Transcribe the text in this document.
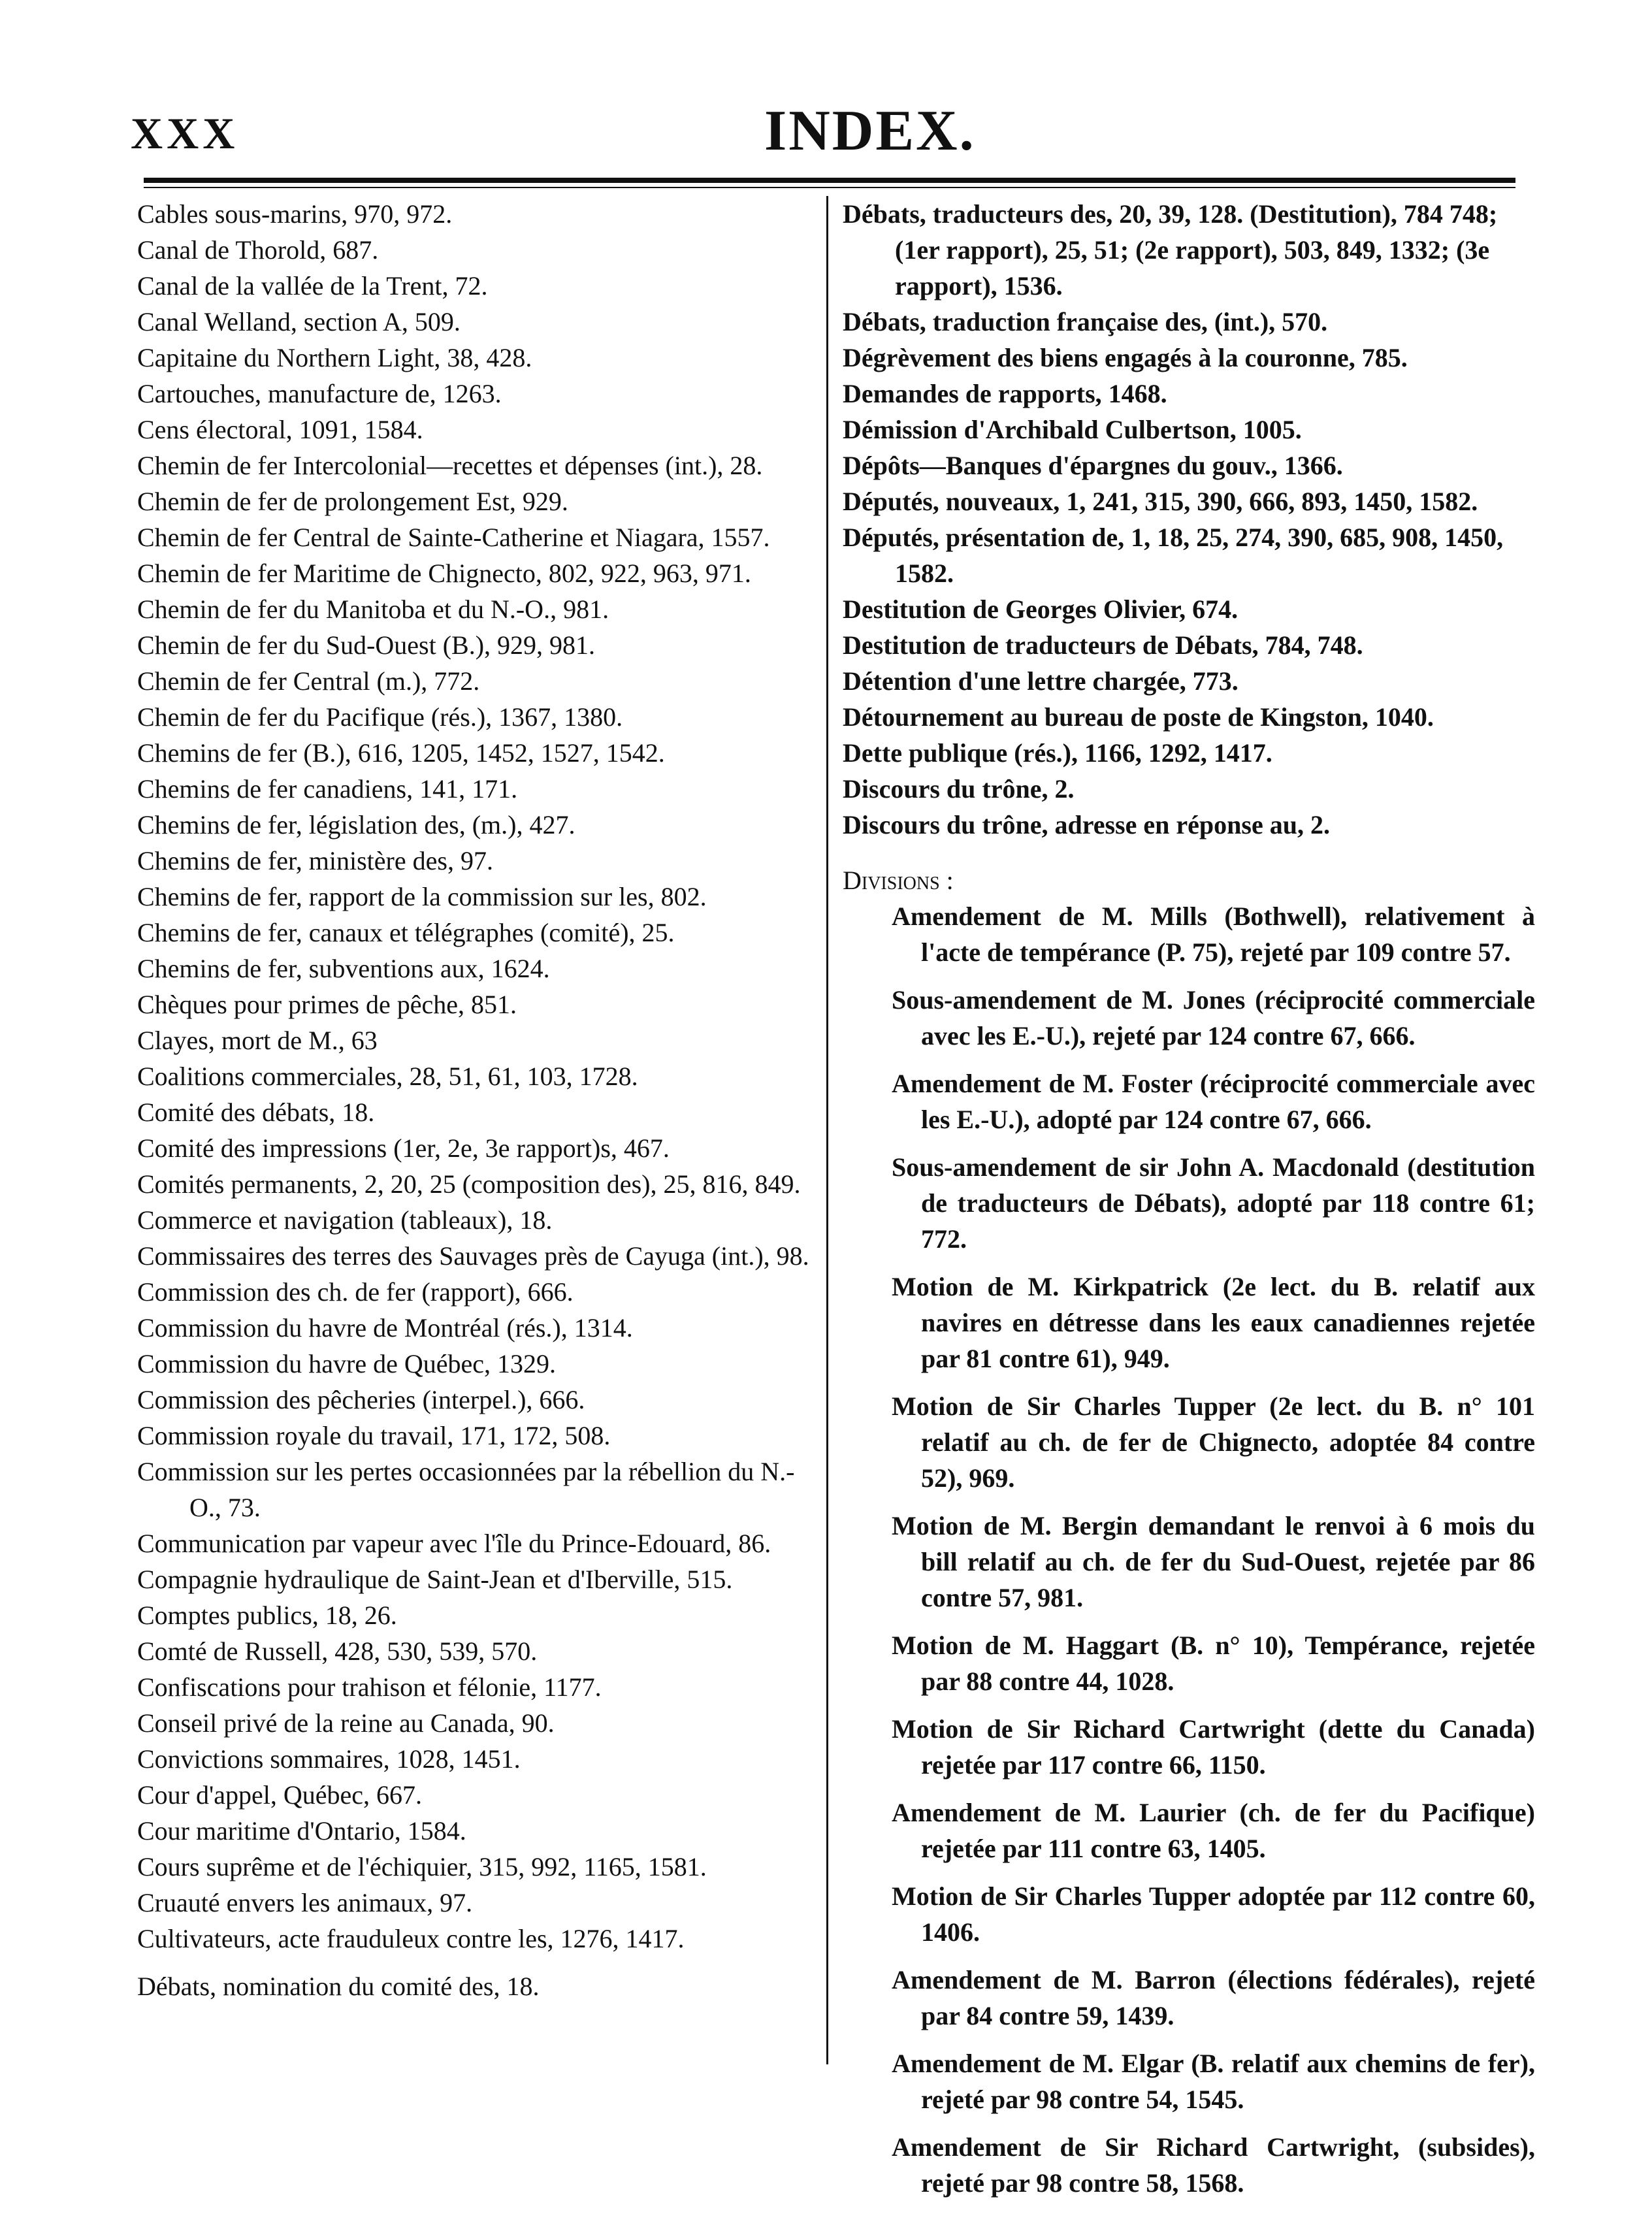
XXX	INDEX.
Cables sous-marins, 970, 972.
Canal de Thorold, 687.
Canal de la vallée de la Trent, 72.
Canal Welland, section A, 509.
Capitaine du Northern Light, 38, 428.
Cartouches, manufacture de, 1263.
Cens électoral, 1091, 1584.
Chemin de fer Intercolonial—recettes et dépenses (int.), 28.
Chemin de fer de prolongement Est, 929.
Chemin de fer Central de Sainte-Catherine et Niagara, 1557.
Chemin de fer Maritime de Chignecto, 802, 922, 963, 971.
Chemin de fer du Manitoba et du N.-O., 981.
Chemin de fer du Sud-Ouest (B.), 929, 981.
Chemin de fer Central (m.), 772.
Chemin de fer du Pacifique (rés.), 1367, 1380.
Chemins de fer (B.), 616, 1205, 1452, 1527, 1542.
Chemins de fer canadiens, 141, 171.
Chemins de fer, législation des, (m.), 427.
Chemins de fer, ministère des, 97.
Chemins de fer, rapport de la commission sur les, 802.
Chemins de fer, canaux et télégraphes (comité), 25.
Chemins de fer, subventions aux, 1624.
Chèques pour primes de pêche, 851.
Clayes, mort de M., 63
Coalitions commerciales, 28, 51, 61, 103, 1728.
Comité des débats, 18.
Comité des impressions (1er, 2e, 3e rapport)s, 467.
Comités permanents, 2, 20, 25 (composition des), 25, 816, 849.
Commerce et navigation (tableaux), 18.
Commissaires des terres des Sauvages près de Cayuga (int.), 98.
Commission des ch. de fer (rapport), 666.
Commission du havre de Montréal (rés.), 1314.
Commission du havre de Québec, 1329.
Commission des pêcheries (interpel.), 666.
Commission royale du travail, 171, 172, 508.
Commission sur les pertes occasionnées par la rébellion du N.-O., 73.
Communication par vapeur avec l'île du Prince-Edouard, 86.
Compagnie hydraulique de Saint-Jean et d'Iberville, 515.
Comptes publics, 18, 26.
Comté de Russell, 428, 530, 539, 570.
Confiscations pour trahison et félonie, 1177.
Conseil privé de la reine au Canada, 90.
Convictions sommaires, 1028, 1451.
Cour d'appel, Québec, 667.
Cour maritime d'Ontario, 1584.
Cours suprême et de l'échiquier, 315, 992, 1165, 1581.
Cruauté envers les animaux, 97.
Cultivateurs, acte frauduleux contre les, 1276, 1417.
Débats, nomination du comité des, 18.
Débats, traducteurs des, 20, 39, 128. (Destitution), 784 748; (1er rapport), 25, 51; (2e rapport), 503, 849, 1332; (3e rapport), 1536.
Débats, traduction française des, (int.), 570.
Dégrèvement des biens engagés à la couronne, 785.
Demandes de rapports, 1468.
Démission d'Archibald Culbertson, 1005.
Dépôts—Banques d'épargnes du gouv., 1366.
Députés, nouveaux, 1, 241, 315, 390, 666, 893, 1450, 1582.
Députés, présentation de, 1, 18, 25, 274, 390, 685, 908, 1450, 1582.
Destitution de Georges Olivier, 674.
Destitution de traducteurs de Débats, 784, 748.
Détention d'une lettre chargée, 773.
Détournement au bureau de poste de Kingston, 1040.
Dette publique (rés.), 1166, 1292, 1417.
Discours du trône, 2.
Discours du trône, adresse en réponse au, 2.
Divisions :
Amendement de M. Mills (Bothwell), relativement à l'acte de tempérance (P. 75), rejeté par 109 contre 57.
Sous-amendement de M. Jones (réciprocité commerciale avec les E.-U.), rejeté par 124 contre 67, 666.
Amendement de M. Foster (réciprocité commerciale avec les E.-U.), adopté par 124 contre 67, 666.
Sous-amendement de sir John A. Macdonald (destitution de traducteurs de Débats), adopté par 118 contre 61; 772.
Motion de M. Kirkpatrick (2e lect. du B. relatif aux navires en détresse dans les eaux canadiennes rejetée par 81 contre 61), 949.
Motion de Sir Charles Tupper (2e lect. du B. n° 101 relatif au ch. de fer de Chignecto, adoptée 84 contre 52), 969.
Motion de M. Bergin demandant le renvoi à 6 mois du bill relatif au ch. de fer du Sud-Ouest, rejetée par 86 contre 57, 981.
Motion de M. Haggart (B. n° 10), Tempérance, rejetée par 88 contre 44, 1028.
Motion de Sir Richard Cartwright (dette du Canada) rejetée par 117 contre 66, 1150.
Amendement de M. Laurier (ch. de fer du Pacifique) rejetée par 111 contre 63, 1405.
Motion de Sir Charles Tupper adoptée par 112 contre 60, 1406.
Amendement de M. Barron (élections fédérales), rejeté par 84 contre 59, 1439.
Amendement de M. Elgar (B. relatif aux chemins de fer), rejeté par 98 contre 54, 1545.
Amendement de Sir Richard Cartwright, (subsides), rejeté par 98 contre 58, 1568.
